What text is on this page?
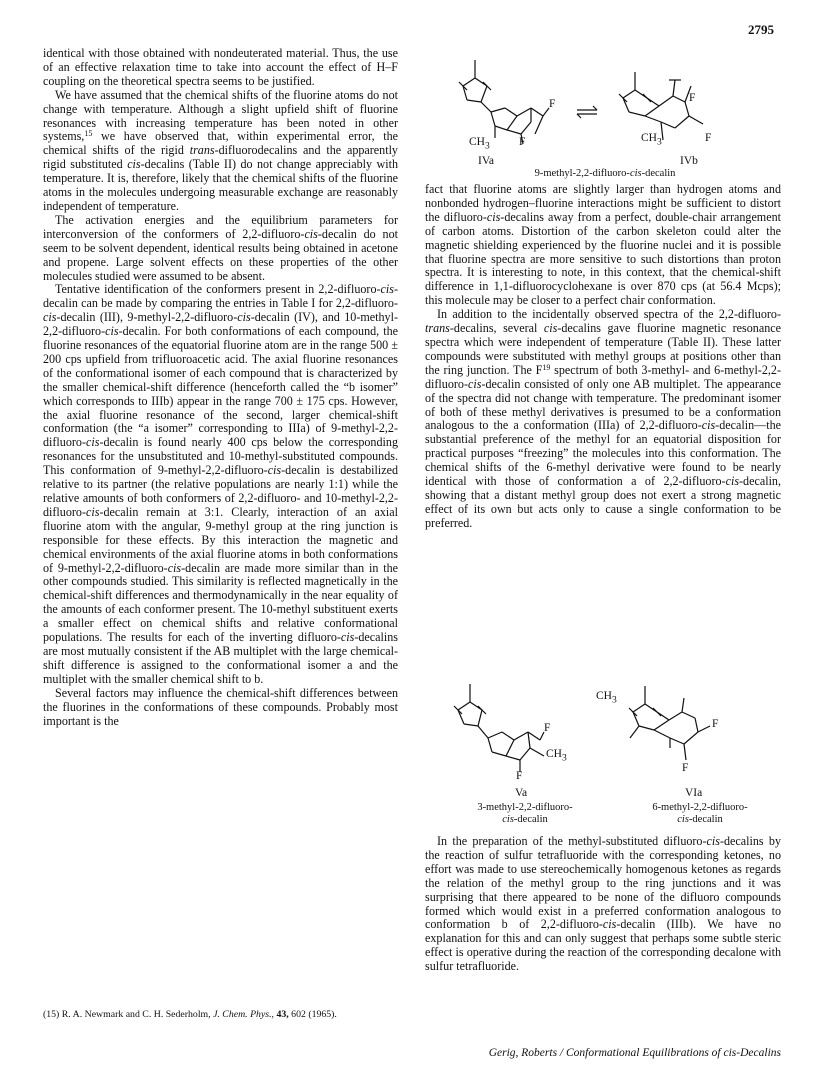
2795

identical with those obtained with nondeuterated material. Thus, the use of an effective relaxation time to take into account the effect of H–F coupling on the theoretical spectra seems to be justified.

We have assumed that the chemical shifts of the fluorine atoms do not change with temperature. Although a slight upfield shift of fluorine resonances with increasing temperature has been noted in other systems,$^{15}$ we have observed that, within experimental error, the chemical shifts of the rigid trans-difluorodecalins and the apparently rigid substituted cis-decalins (Table II) do not change appreciably with temperature. It is, therefore, likely that the chemical shifts of the fluorine atoms in the molecules undergoing measurable exchange are reasonably independent of temperature.

The activation energies and the equilibrium parameters for interconversion of the conformers of 2,2-difluoro-cis-decalin do not seem to be solvent dependent, identical results being obtained in acetone and propene. Large solvent effects on these properties of the other molecules studied were assumed to be absent.

Tentative identification of the conformers present in 2,2-difluoro-cis-decalin can be made by comparing the entries in Table I for 2,2-difluoro-cis-decalin (III), 9-methyl-2,2-difluoro-cis-decalin (IV), and 10-methyl-2,2-difluoro-cis-decalin. For both conformations of each compound, the fluorine resonances of the equatorial fluorine atom are in the range 500 ± 200 cps upfield from trifluoroacetic acid. The axial fluorine resonances of the conformational isomer of each compound that is characterized by the smaller chemical-shift difference (henceforth called the “b isomer” which corresponds to IIIb) appear in the range 700 ± 175 cps. However, the axial fluorine resonance of the second, larger chemical-shift conformation (the “a isomer” corresponding to IIIa) of 9-methyl-2,2-difluoro-cis-decalin is found nearly 400 cps below the corresponding resonances for the unsubstituted and 10-methyl-substituted compounds. This conformation of 9-methyl-2,2-difluoro-cis-decalin is destabilized relative to its partner (the relative populations are nearly 1:1) while the relative amounts of both conformers of 2,2-difluoro- and 10-methyl-2,2-difluoro-cis-decalin remain at 3:1. Clearly, interaction of an axial fluorine atom with the angular, 9-methyl group at the ring junction is responsible for these effects. By this interaction the magnetic and chemical environments of the axial fluorine atoms in both conformations of 9-methyl-2,2-difluoro-cis-decalin are made more similar than in the other compounds studied. This similarity is reflected magnetically in the chemical-shift differences and thermodynamically in the near equality of the amounts of each conformer present. The 10-methyl substituent exerts a smaller effect on chemical shifts and relative conformational populations. The results for each of the inverting difluoro-cis-decalins are most mutually consistent if the AB multiplet with the large chemical-shift difference is assigned to the conformational isomer a and the multiplet with the smaller chemical shift to b.

Several factors may influence the chemical-shift differences between the fluorines in the conformations of these compounds. Probably most important is the

(15) R. A. Newmark and C. H. Sederholm, J. Chem. Phys., 43, 602 (1965).
F
$CH_3$	F
F
$CH_3$	F
IVa	IVb
9-methyl-2,2-difluoro-cis-decalin

fact that fluorine atoms are slightly larger than hydrogen atoms and nonbonded hydrogen–fluorine interactions might be sufficient to distort the difluoro-cis-decalins away from a perfect, double-chair arrangement of carbon atoms. Distortion of the carbon skeleton could alter the magnetic shielding experienced by the fluorine nuclei and it is possible that fluorine spectra are more sensitive to such distortions than proton spectra. It is interesting to note, in this context, that the chemical-shift difference in 1,1-difluorocyclohexane is over 870 cps (at 56.4 Mcps); this molecule may be closer to a perfect chair conformation.

In addition to the incidentally observed spectra of the 2,2-difluoro-trans-decalins, several cis-decalins gave fluorine magnetic resonance spectra which were independent of temperature (Table II). These latter compounds were substituted with methyl groups at positions other than the ring junction. The $F^{19}$ spectrum of both 3-methyl- and 6-methyl-2,2-difluoro-cis-decalin consisted of only one AB multiplet. The appearance of the spectra did not change with temperature. The predominant isomer of both of these methyl derivatives is presumed to be a conformation analogous to the a conformation (IIIa) of 2,2-difluoro-cis-decalin—the substantial preference of the methyl for an equatorial disposition for practical purposes “freezing” the molecules into this conformation. The chemical shifts of the 6-methyl derivative were found to be nearly identical with those of conformation a of 2,2-difluoro-cis-decalin, showing that a distant methyl group does not exert a strong magnetic effect of its own but acts only to cause a single conformation to be preferred.

F
$CH_3$
F
$CH_3$
F
F
Va	VIa
3-methyl-2,2-difluoro-
cis-decalin
6-methyl-2,2-difluoro-
cis-decalin

In the preparation of the methyl-substituted difluoro-cis-decalins by the reaction of sulfur tetrafluoride with the corresponding ketones, no effort was made to use stereochemically homogenous ketones as regards the relation of the methyl group to the ring junctions and it was surprising that there appeared to be none of the difluoro compounds formed which would exist in a preferred conformation analogous to conformation b of 2,2-difluoro-cis-decalin (IIIb). We have no explanation for this and can only suggest that perhaps some subtle steric effect is operative during the reaction of the corresponding decalone with sulfur tetrafluoride.

Gerig, Roberts / Conformational Equilibrations of cis-Decalins
